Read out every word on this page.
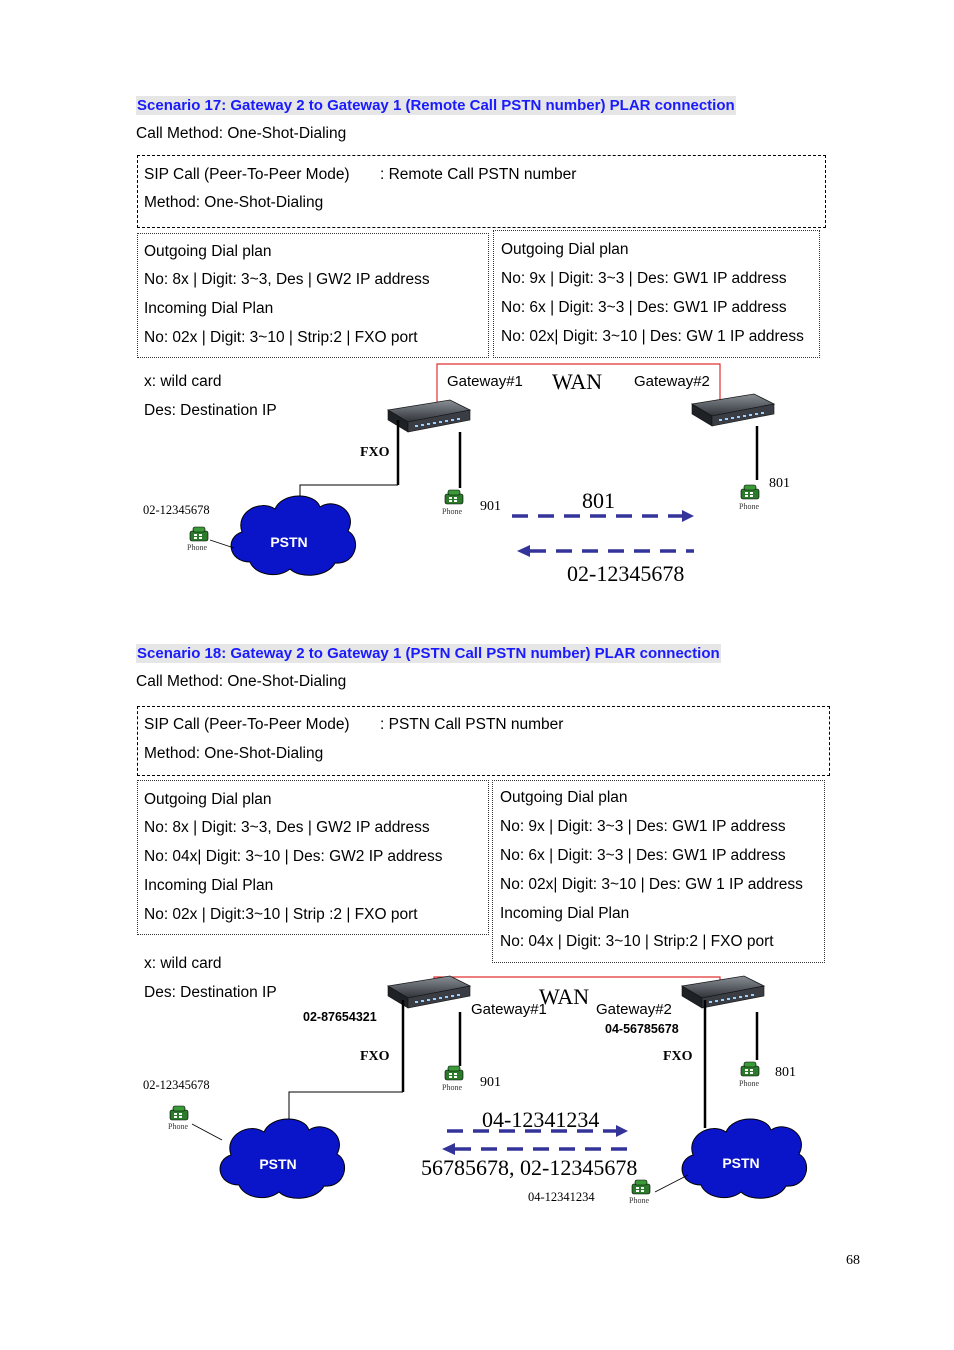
Scenario 17: Gateway 2 to Gateway 1 (Remote Call PSTN number) PLAR connection
Call Method: One-Shot-Dialing
SIP Call (Peer-To-Peer Mode) : Remote Call PSTN number
Method: One-Shot-Dialing
Outgoing Dial plan
No: 8x | Digit: 3~3, Des | GW2 IP address
Incoming Dial Plan
No: 02x | Digit: 3~10 | Strip:2 | FXO port
Outgoing Dial plan
No: 9x | Digit: 3~3 | Des: GW1 IP address
No: 6x | Digit: 3~3 | Des: GW1 IP address
No: 02x| Digit: 3~10 | Des: GW 1 IP address
x: wild card
Des: Destination IP
Gateway#1 WAN Gateway#2
FXO
02-12345678
Phone
Phone
Phone
901
801
PSTN
801
02-12345678
Scenario 18: Gateway 2 to Gateway 1 (PSTN Call PSTN number) PLAR connection
Call Method: One-Shot-Dialing
SIP Call (Peer-To-Peer Mode) : PSTN Call PSTN number
Method: One-Shot-Dialing
Outgoing Dial plan
No: 8x | Digit: 3~3, Des | GW2 IP address
No: 04x| Digit: 3~10 | Des: GW2 IP address
Incoming Dial Plan
No: 02x | Digit:3~10 | Strip :2 | FXO port
Outgoing Dial plan
No: 9x | Digit: 3~3 | Des: GW1 IP address
No: 6x | Digit: 3~3 | Des: GW1 IP address
No: 02x| Digit: 3~10 | Des: GW 1 IP address
Incoming Dial Plan
No: 04x | Digit: 3~10 | Strip:2 | FXO port
x: wild card
Des: Destination IP
02-87654321	Gateway#1
WAN
Gateway#2
04-56785678
FXO	FXO
02-12345678
Phone
Phone	Phone
Phone
901
801
04-12341234
PSTN	PSTN
04-12341234
56785678, 02-12345678
68
